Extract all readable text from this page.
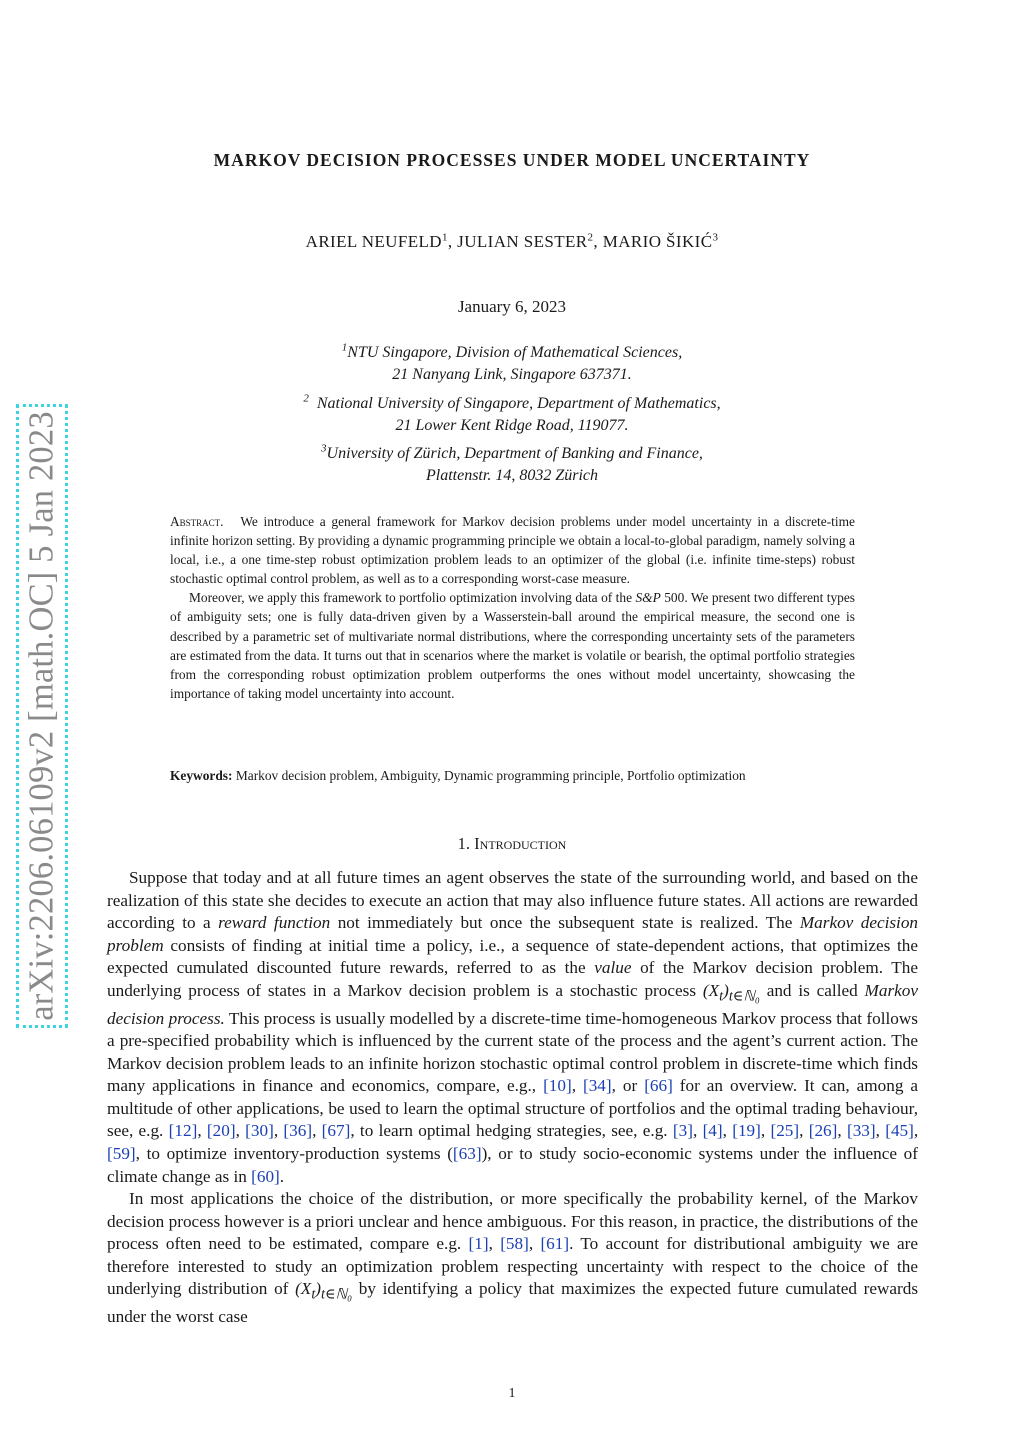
arXiv:2206.06109v2 [math.OC] 5 Jan 2023
MARKOV DECISION PROCESSES UNDER MODEL UNCERTAINTY
ARIEL NEUFELD$^1$, JULIAN SESTER$^2$, MARIO ŠIKIĆ$^3$
January 6, 2023
$^1$NTU Singapore, Division of Mathematical Sciences,
21 Nanyang Link, Singapore 637371.
$^2$ National University of Singapore, Department of Mathematics,
21 Lower Kent Ridge Road, 119077.
$^3$University of Zürich, Department of Banking and Finance,
Plattenstr. 14, 8032 Zürich

Abstract. We introduce a general framework for Markov decision problems under model uncertainty in a discrete-time infinite horizon setting. By providing a dynamic programming principle we obtain a local-to-global paradigm, namely solving a local, i.e., a one time-step robust optimization problem leads to an optimizer of the global (i.e. infinite time-steps) robust stochastic optimal control problem, as well as to a corresponding worst-case measure.

Moreover, we apply this framework to portfolio optimization involving data of the S&P 500. We present two different types of ambiguity sets; one is fully data-driven given by a Wasserstein-ball around the empirical measure, the second one is described by a parametric set of multivariate normal distributions, where the corresponding uncertainty sets of the parameters are estimated from the data. It turns out that in scenarios where the market is volatile or bearish, the optimal portfolio strategies from the corresponding robust optimization problem outperforms the ones without model uncertainty, showcasing the importance of taking model uncertainty into account.

Keywords: Markov decision problem, Ambiguity, Dynamic programming principle, Portfolio optimization
1. Introduction

Suppose that today and at all future times an agent observes the state of the surrounding world, and based on the realization of this state she decides to execute an action that may also influence future states. All actions are rewarded according to a reward function not immediately but once the subsequent state is realized. The Markov decision problem consists of finding at initial time a policy, i.e., a sequence of state-dependent actions, that optimizes the expected cumulated discounted future rewards, referred to as the value of the Markov decision problem. The underlying process of states in a Markov decision problem is a stochastic process $(X_t)_{t\in ℕ_0}$ and is called Markov decision process. This process is usually modelled by a discrete-time time-homogeneous Markov process that follows a pre-specified probability which is influenced by the current state of the process and the agent’s current action. The Markov decision problem leads to an infinite horizon stochastic optimal control problem in discrete-time which finds many applications in finance and economics, compare, e.g., [10], [34], or [66] for an overview. It can, among a multitude of other applications, be used to learn the optimal structure of portfolios and the optimal trading behaviour, see, e.g. [12], [20], [30], [36], [67], to learn optimal hedging strategies, see, e.g. [3], [4], [19], [25], [26], [33], [45], [59], to optimize inventory-production systems ([63]), or to study socio-economic systems under the influence of climate change as in [60].

In most applications the choice of the distribution, or more specifically the probability kernel, of the Markov decision process however is a priori unclear and hence ambiguous. For this reason, in practice, the distributions of the process often need to be estimated, compare e.g. [1], [58], [61]. To account for distributional ambiguity we are therefore interested to study an optimization problem respecting uncertainty with respect to the choice of the underlying distribution of $(X_t)_{t\in ℕ_0}$ by identifying a policy that maximizes the expected future cumulated rewards under the worst case

1
